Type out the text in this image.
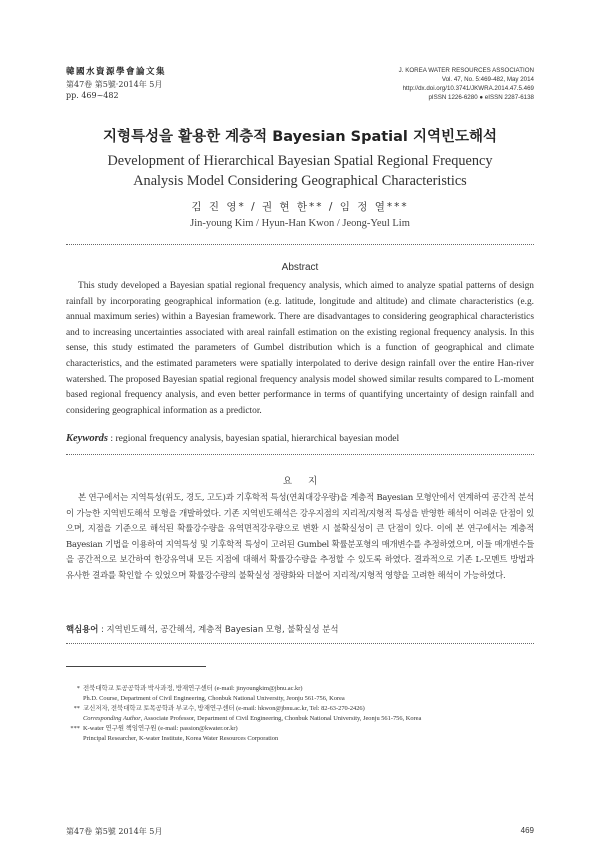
韓國水資源學會論文集
第47卷 第5號·2014年 5月
pp. 469~482
J. KOREA WATER RESOURCES ASSOCIATION
Vol. 47, No. 5:469-482, May 2014
http://dx.doi.org/10.3741/JKWRA.2014.47.5.469
pISSN 1226-6280 ● eISSN 2287-6138
지형특성을 활용한 계층적 Bayesian Spatial 지역빈도해석
Development of Hierarchical Bayesian Spatial Regional Frequency
Analysis Model Considering Geographical Characteristics
김 진 영* / 권 현 한** / 임 정 열***
Jin-young Kim / Hyun-Han Kwon / Jeong-Yeul Lim
Abstract
This study developed a Bayesian spatial regional frequency analysis, which aimed to analyze spatial patterns of design rainfall by incorporating geographical information (e.g. latitude, longitude and altitude) and climate characteristics (e.g. annual maximum series) within a Bayesian framework. There are disadvantages to considering geographical characteristics and to increasing uncertainties associated with areal rainfall estimation on the existing regional frequency analysis. In this sense, this study estimated the parameters of Gumbel distribution which is a function of geographical and climate characteristics, and the estimated parameters were spatially interpolated to derive design rainfall over the entire Han-river watershed. The proposed Bayesian spatial regional frequency analysis model showed similar results compared to L-moment based regional frequency analysis, and even better performance in terms of quantifying uncertainty of design rainfall and considering geographical information as a predictor.
Keywords : regional frequency analysis, bayesian spatial, hierarchical bayesian model
요지
본 연구에서는 지역특성(위도, 경도, 고도)과 기후학적 특성(연최대강우량)을 계층적 Bayesian 모형안에서 연계하여 공간적 분석이 가능한 지역빈도해석 모형을 개발하였다. 기존 지역빈도해석은 강우지점의 지리적/지형적 특성을 반영한 해석이 어려운 단점이 있으며, 지점을 기준으로 해석된 확률강수량을 유역면적강우량으로 변환 시 불확실성이 큰 단점이 있다. 이에 본 연구에서는 계층적 Bayesian 기법을 이용하여 지역특성 및 기후학적 특성이 고려된 Gumbel 확률분포형의 매개변수를 추정하였으며, 이들 매개변수들을 공간적으로 보간하여 한강유역내 모든 지점에 대해서 확률강수량을 추정할 수 있도록 하였다. 결과적으로 기존 L-모멘트 방법과 유사한 결과를 확인할 수 있었으며 확률강수량의 불확실성 정량화와 더불어 지리적/지형적 영향을 고려한 해석이 가능하였다.
핵심용어 : 지역빈도해석, 공간해석, 계층적 Bayesian 모형, 불확실성 분석
* 전북대학교 토공공학과 박사과정, 방재연구센터 (e-mail: jinyoungkim@jbnu.ac.kr)
Ph.D. Course, Department of Civil Engineering, Chonbuk National University, Jeonju 561-756, Korea
** 교신저자, 전북대학교 토목공학과 부교수, 방재연구센터 (e-mail: hkwon@jbnu.ac.kr, Tel: 82-63-270-2426)
Corresponding Author, Associate Professor, Department of Civil Engineering, Chonbuk National University, Jeonju 561-756, Korea
*** K-water 연구원 책임연구원 (e-mail: passion@kwater.or.kr)
Principal Researcher, K-water Institute, Korea Water Resources Corporation
第47卷 第5號 2014年 5月	469
